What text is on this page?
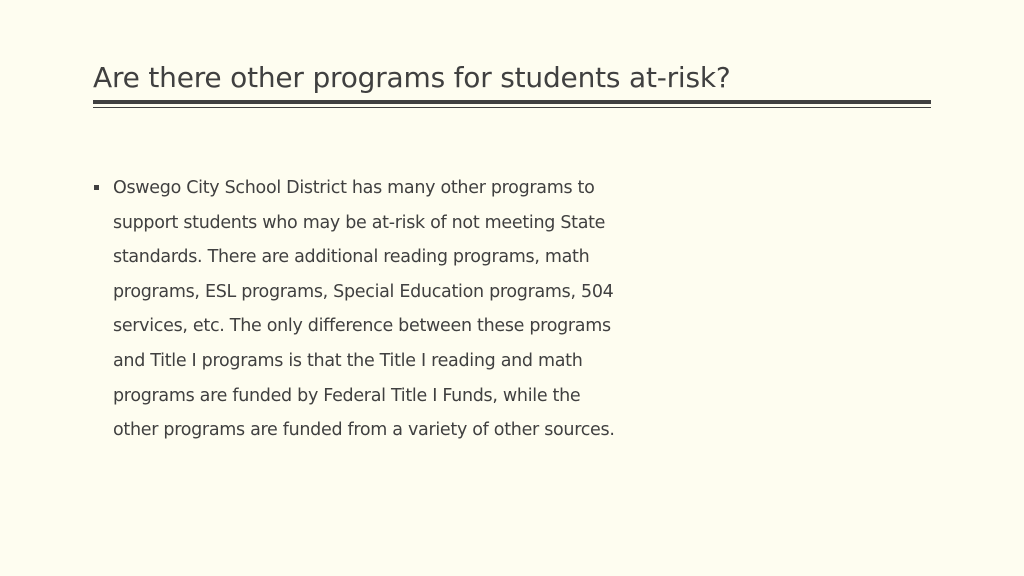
Are there other programs for students at-risk?
Oswego City School District has many other programs to support students who may be at-risk of not meeting State standards. There are additional reading programs, math programs, ESL programs, Special Education programs, 504 services, etc. The only difference between these programs and Title I programs is that the Title I reading and math programs are funded by Federal Title I Funds, while the other programs are funded from a variety of other sources.
